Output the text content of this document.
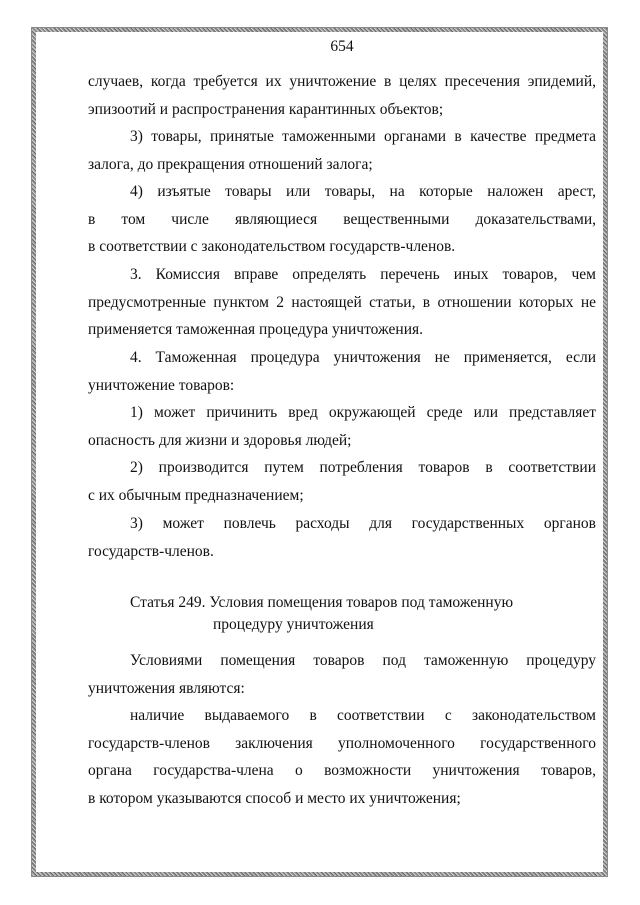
654
случаев, когда требуется их уничтожение в целях пресечения эпидемий,
эпизоотий и распространения карантинных объектов;
3) товары, принятые таможенными органами в качестве предмета
залога, до прекращения отношений залога;
4) изъятые товары или товары, на которые наложен арест,
в том числе являющиеся вещественными доказательствами,
в соответствии с законодательством государств-членов.
3. Комиссия вправе определять перечень иных товаров, чем
предусмотренные пунктом 2 настоящей статьи, в отношении которых не
применяется таможенная процедура уничтожения.
4. Таможенная процедура уничтожения не применяется, если
уничтожение товаров:
1) может причинить вред окружающей среде или представляет
опасность для жизни и здоровья людей;
2) производится путем потребления товаров в соответствии
с их обычным предназначением;
3) может повлечь расходы для государственных органов
государств-членов.
Статья 249. Условия помещения товаров под таможенную
процедуру уничтожения
Условиями помещения товаров под таможенную процедуру
уничтожения являются:
наличие выдаваемого в соответствии с законодательством
государств-членов заключения уполномоченного государственного
органа государства-члена о возможности уничтожения товаров,
в котором указываются способ и место их уничтожения;
